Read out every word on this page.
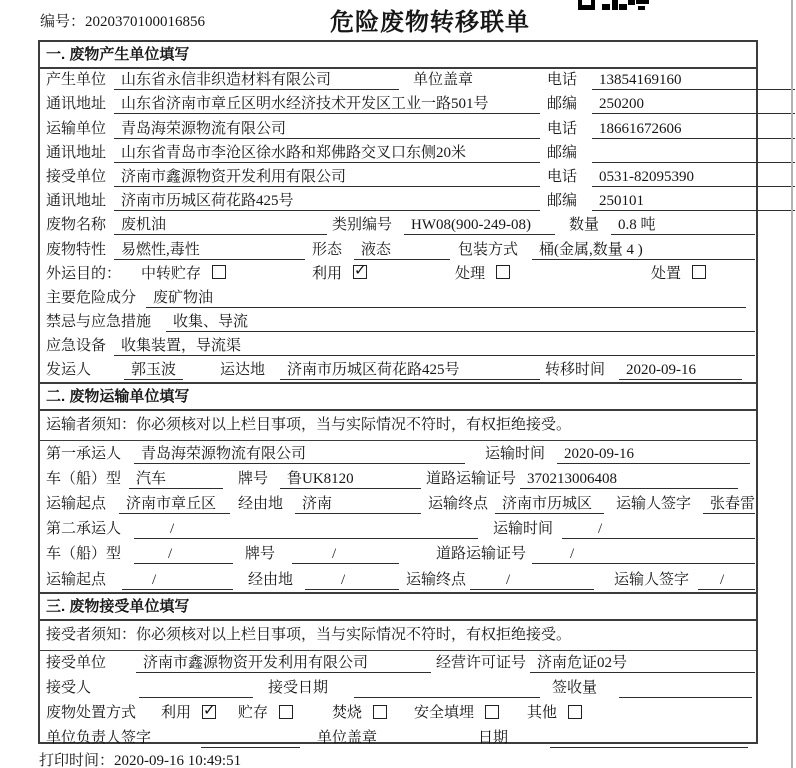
编号：2020370100016856	危险废物转移联单
一. 废物产生单位填写
产生单位 山东省永信非织造材料有限公司	单位盖章	电话	13854169160
通讯地址 山东省济南市章丘区明水经济技术开发区工业一路501号	邮编	250200
运输单位 青岛海荣源物流有限公司	电话	18661672606
通讯地址 山东省青岛市李沧区徐水路和郑佛路交叉口东侧20米	邮编
接受单位 济南市鑫源物资开发利用有限公司	电话	0531-82095390
通讯地址 济南市历城区荷花路425号	邮编	250101
废物名称 废机油	类别编号	HW08(900-249-08)	数量	0.8 吨
废物特性 易燃性,毒性	形态	液态	包装方式	桶(金属,数量 4 )
外运目的： 中转贮存	利用 ✓	处理	处置
主要危险成分	废矿物油
禁忌与应急措施	收集、导流
应急设备 收集装置，导流渠
发运人	郭玉波	运达地	济南市历城区荷花路425号	转移时间	2020-09-16
二. 废物运输单位填写
运输者须知：你必须核对以上栏目事项，当与实际情况不符时，有权拒绝接受。
第一承运人	青岛海荣源物流有限公司	运输时间	2020-09-16
车（船）型 汽车	牌号	鲁UK8120	道路运输证号 370213006408
运输起点	济南市章丘区	经由地	济南	运输终点 济南市历城区	运输人签字	张春雷
第二承运人	/	运输时间	/
车（船）型	/	牌号	/	道路运输证号	/
运输起点	/	经由地	/	运输终点	/	运输人签字	/
三. 废物接受单位填写
接受者须知：你必须核对以上栏目事项，当与实际情况不符时，有权拒绝接受。
接受单位	济南市鑫源物资开发利用有限公司	经营许可证号 济南危证02号
接受人	接受日期	签收量
废物处置方式 利用 ✓	贮存	焚烧	安全填埋	其他
单位负责人签字	单位盖章	日期
打印时间：2020-09-16 10:49:51
